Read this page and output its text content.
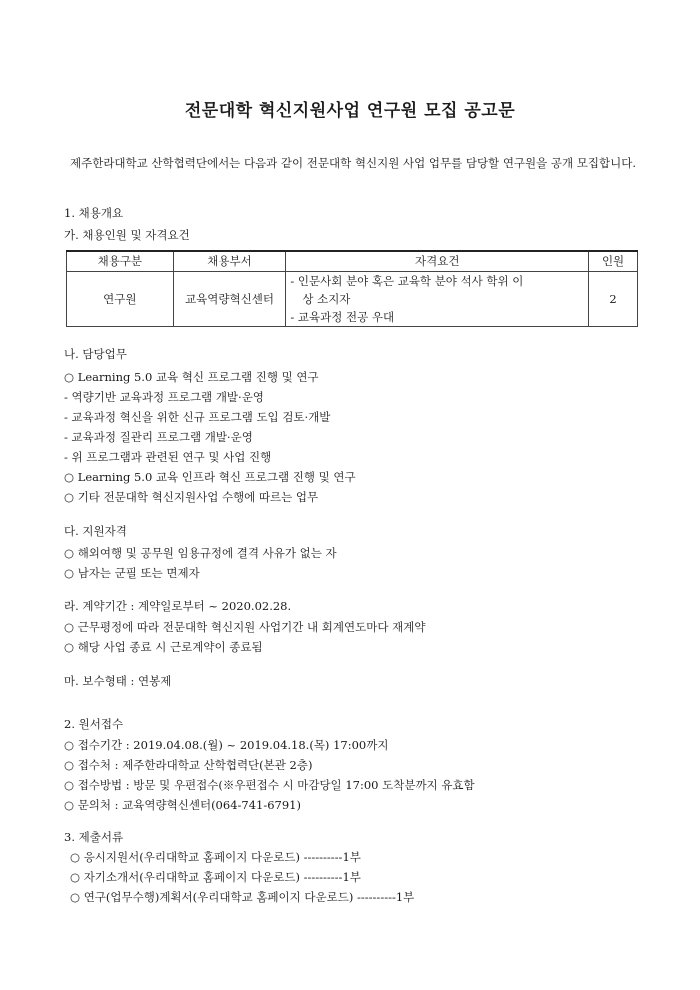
전문대학 혁신지원사업 연구원 모집 공고문
제주한라대학교 산학협력단에서는 다음과 같이 전문대학 혁신지원 사업 업무를 담당할 연구원을 공개 모집합니다.
1. 채용개요
가. 채용인원 및 자격요건
채용구분	채용부서	자격요건	인원
연구원	교육역량혁신센터	- 인문사회 분야 혹은 교육학 분야 석사 학위 이
상 소지자
- 교육과정 전공 우대	2
나. 담당업무
○ Learning 5.0 교육 혁신 프로그램 진행 및 연구
- 역량기반 교육과정 프로그램 개발·운영
- 교육과정 혁신을 위한 신규 프로그램 도입 검토·개발
- 교육과정 질관리 프로그램 개발·운영
- 위 프로그램과 관련된 연구 및 사업 진행
○ Learning 5.0 교육 인프라 혁신 프로그램 진행 및 연구
○ 기타 전문대학 혁신지원사업 수행에 따르는 업무
다. 지원자격
○ 해외여행 및 공무원 임용규정에 결격 사유가 없는 자
○ 남자는 군필 또는 면제자
라. 계약기간 : 계약일로부터 ~ 2020.02.28.
○ 근무평정에 따라 전문대학 혁신지원 사업기간 내 회계연도마다 재계약
○ 해당 사업 종료 시 근로계약이 종료됨
마. 보수형태 : 연봉제
2. 원서접수
○ 접수기간 : 2019.04.08.(월) ~ 2019.04.18.(목) 17:00까지
○ 접수처 : 제주한라대학교 산학협력단(본관 2층)
○ 접수방법 : 방문 및 우편접수(※우편접수 시 마감당일 17:00 도착분까지 유효함
○ 문의처 : 교육역량혁신센터(064-741-6791)
3. 제출서류
○ 응시지원서(우리대학교 홈페이지 다운로드) ----------1부
○ 자기소개서(우리대학교 홈페이지 다운로드) ----------1부
○ 연구(업무수행)계획서(우리대학교 홈페이지 다운로드) ----------1부
